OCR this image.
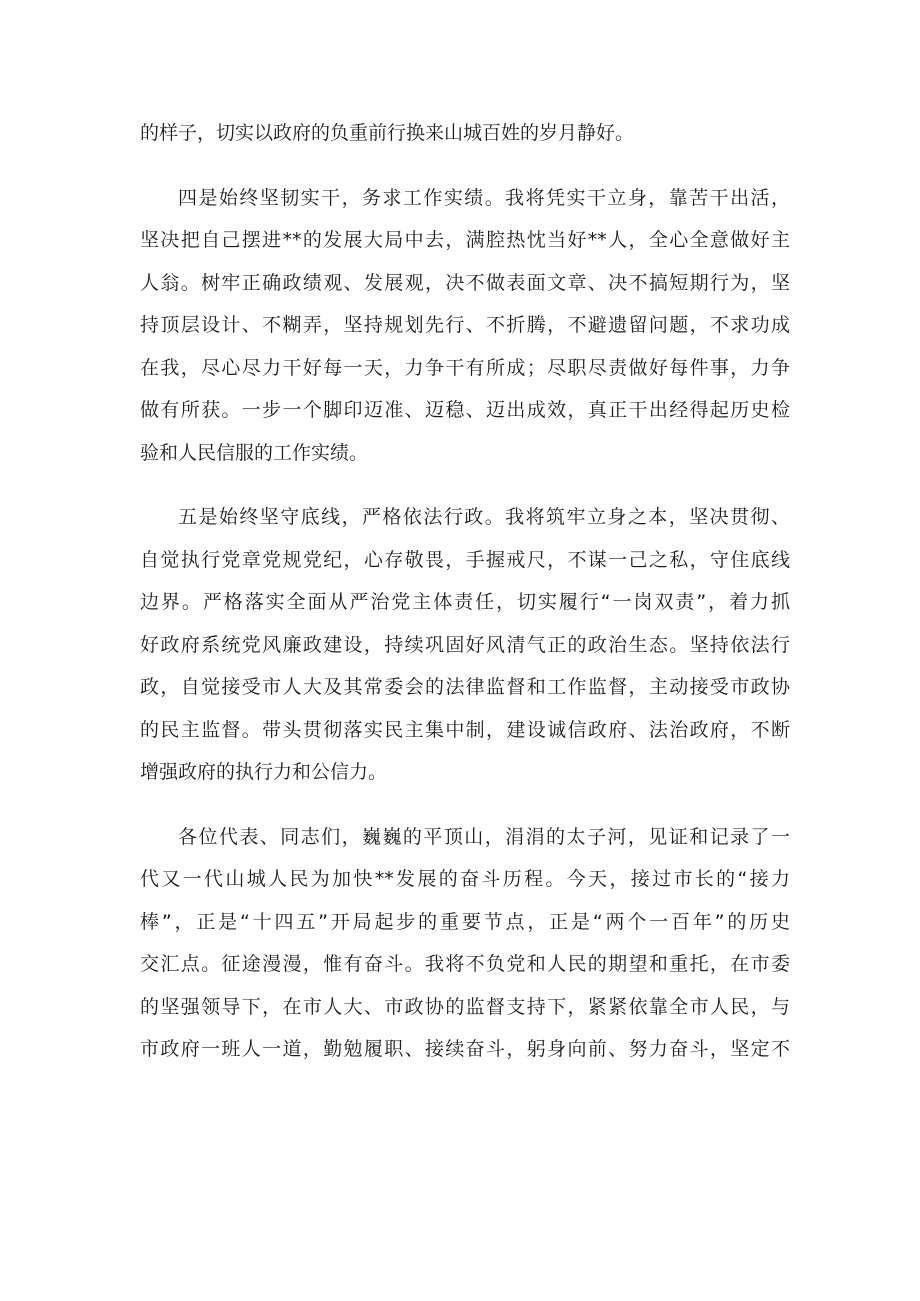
的样子，切实以政府的负重前行换来山城百姓的岁月静好。
四是始终坚韧实干，务求工作实绩。我将凭实干立身，靠苦干出活，
坚决把自己摆进**的发展大局中去，满腔热忱当好**人，全心全意做好主
人翁。树牢正确政绩观、发展观，决不做表面文章、决不搞短期行为，坚
持顶层设计、不糊弄，坚持规划先行、不折腾，不避遗留问题，不求功成
在我，尽心尽力干好每一天，力争干有所成；尽职尽责做好每件事，力争
做有所获。一步一个脚印迈准、迈稳、迈出成效，真正干出经得起历史检
验和人民信服的工作实绩。
五是始终坚守底线，严格依法行政。我将筑牢立身之本，坚决贯彻、
自觉执行党章党规党纪，心存敬畏，手握戒尺，不谋一己之私，守住底线
边界。严格落实全面从严治党主体责任，切实履行“一岗双责”，着力抓
好政府系统党风廉政建设，持续巩固好风清气正的政治生态。坚持依法行
政，自觉接受市人大及其常委会的法律监督和工作监督，主动接受市政协
的民主监督。带头贯彻落实民主集中制，建设诚信政府、法治政府，不断
增强政府的执行力和公信力。
各位代表、同志们，巍巍的平顶山，涓涓的太子河，见证和记录了一
代又一代山城人民为加快**发展的奋斗历程。今天，接过市长的“接力
棒”，正是“十四五”开局起步的重要节点，正是“两个一百年”的历史
交汇点。征途漫漫，惟有奋斗。我将不负党和人民的期望和重托，在市委
的坚强领导下，在市人大、市政协的监督支持下，紧紧依靠全市人民，与
市政府一班人一道，勤勉履职、接续奋斗，躬身向前、努力奋斗，坚定不
